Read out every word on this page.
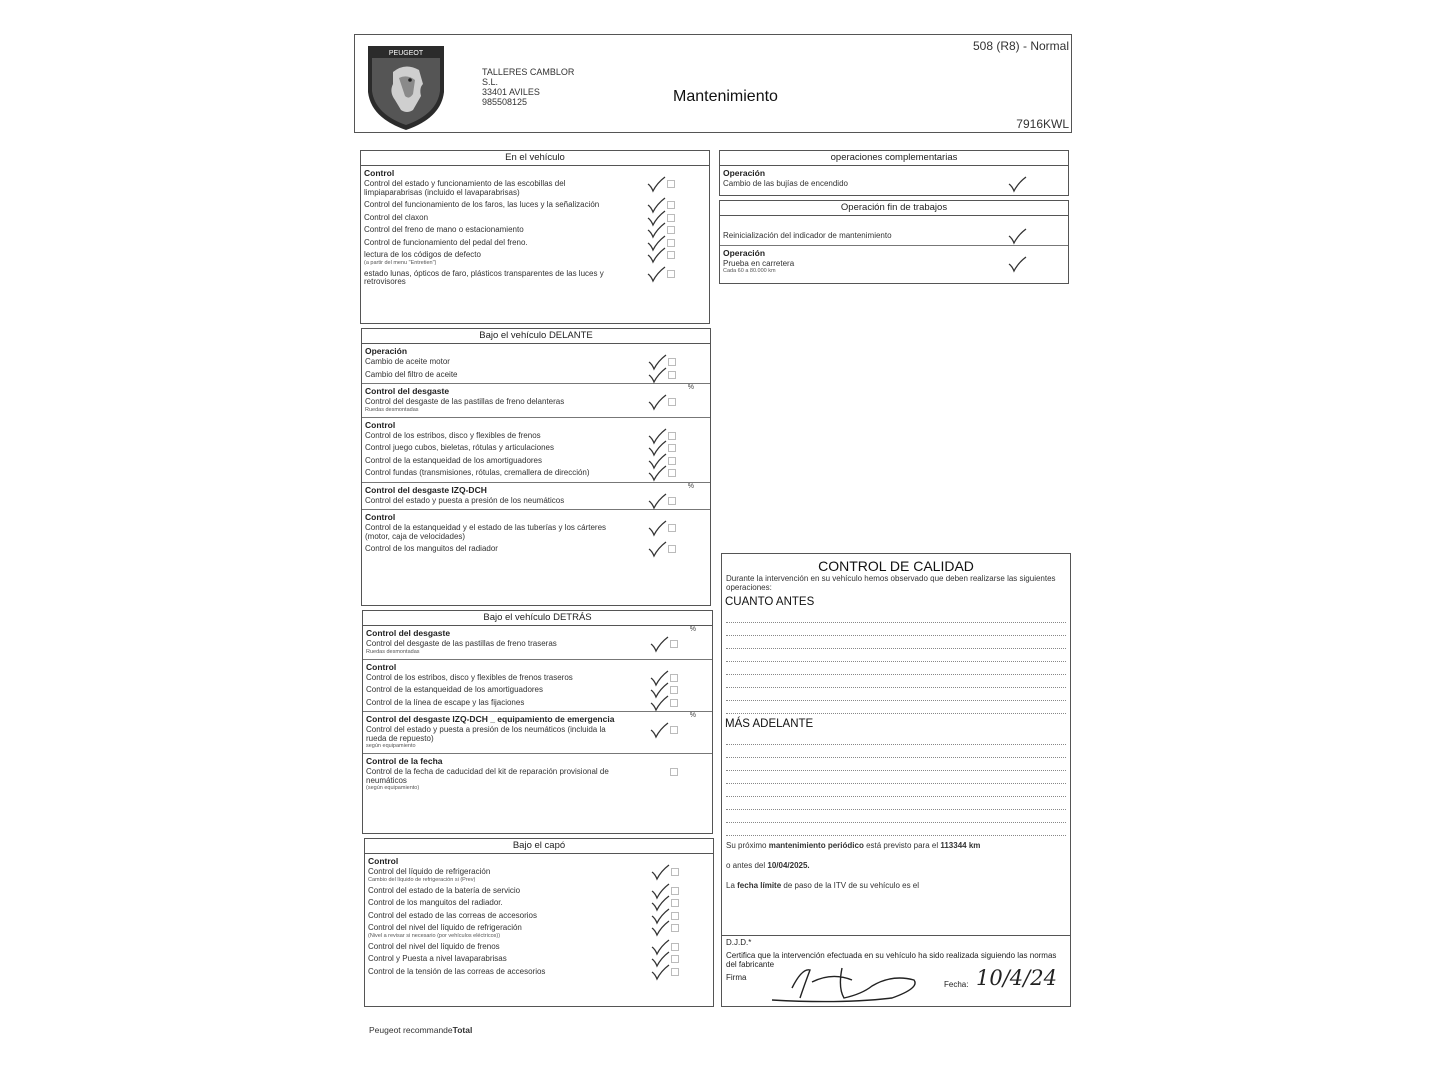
PEUGEOT
TALLERES CAMBLOR
S.L.
33401 AVILES
985508125	Mantenimiento
508 (R8) - Normal
7916KWL
En el vehículo
Control
Control del estado y funcionamiento de las escobillas del limpiaparabrisas (incluido el lavaparabrisas)
Control del funcionamiento de los faros, las luces y la señalización
Control del claxon
Control del freno de mano o estacionamiento
Control de funcionamiento del pedal del freno.
lectura de los códigos de defecto
(a partir del menu "Entretien")
estado lunas, ópticos de faro, plásticos transparentes de las luces y retrovisores
Bajo el vehículo DELANTE
Operación
Cambio de aceite motor
Cambio del filtro de aceite
Control del desgaste	%
Control del desgaste de las pastillas de freno delanteras
Ruedas desmontadas
Control
Control de los estribos, disco y flexibles de frenos
Control juego cubos, bieletas, rótulas y articulaciones
Control de la estanqueidad de los amortiguadores
Control fundas (transmisiones, rótulas, cremallera de dirección)
Control del desgaste IZQ-DCH	%
Control del estado y puesta a presión de los neumáticos
Control
Control de la estanqueidad y el estado de las tuberías y los cárteres (motor, caja de velocidades)
Control de los manguitos del radiador
Bajo el vehículo DETRÁS
Control del desgaste	%
Control del desgaste de las pastillas de freno traseras
Ruedas desmontadas
Control
Control de los estribos, disco y flexibles de frenos traseros
Control de la estanqueidad de los amortiguadores
Control de la línea de escape y las fijaciones
Control del desgaste IZQ-DCH _ equipamiento de emergencia	%
Control del estado y puesta a presión de los neumáticos (incluida la rueda de repuesto)
según equipamiento
Control de la fecha
Control de la fecha de caducidad del kit de reparación provisional de neumáticos
(según equipamiento)
Bajo el capó
Control
Control del líquido de refrigeración
Cambio del líquido de refrigeración si (Prev)
Control del estado de la batería de servicio
Control de los manguitos del radiador.
Control del estado de las correas de accesorios
Control del nivel del líquido de refrigeración
(Nivel a revisar si necesario (por vehículos eléctricos))
Control del nivel del líquido de frenos
Control y Puesta a nivel lavaparabrisas
Control de la tensión de las correas de accesorios
operaciones complementarias
Operación
Cambio de las bujías de encendido
Operación fin de trabajos
Reinicialización del indicador de mantenimiento
Operación
Prueba en carretera
Cada 60 a 80.000 km
CONTROL DE CALIDAD
Durante la intervención en su vehículo hemos observado que deben realizarse las siguientes operaciones:
CUANTO ANTES
MÁS ADELANTE
Su próximo mantenimiento periódico está previsto para el 113344 km
o antes del 10/04/2025.
La fecha límite de paso de la ITV de su vehículo es el
D.J.D.*
Certifica que la intervención efectuada en su vehículo ha sido realizada siguiendo las normas del fabricante
Firma
Fecha: 10/4/24
Peugeot recommandeTotal
